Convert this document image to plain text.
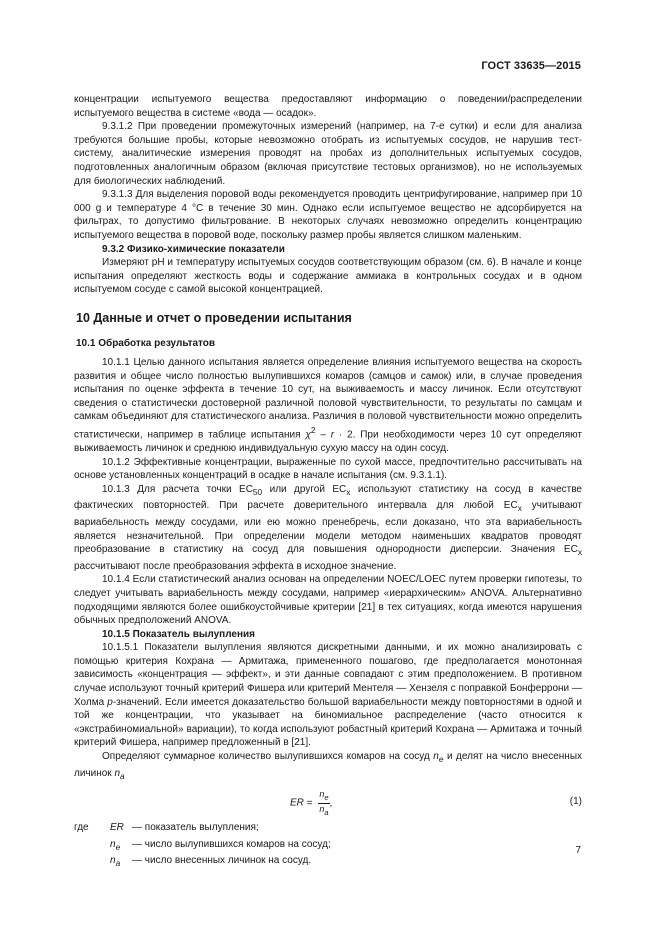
ГОСТ 33635—2015

концентрации испытуемого вещества предоставляют информацию о поведении/распределении испытуемого вещества в системе «вода — осадок».

9.3.1.2 При проведении промежуточных измерений (например, на 7-е сутки) и если для анализа требуются большие пробы, которые невозможно отобрать из испытуемых сосудов, не нарушив тест-систему, аналитические измерения проводят на пробах из дополнительных испытуемых сосудов, подготовленных аналогичным образом (включая присутствие тестовых организмов), но не используемых для биологических наблюдений.

9.3.1.3 Для выделения поровой воды рекомендуется проводить центрифугирование, например при 10 000 g и температуре 4 °С в течение 30 мин. Однако если испытуемое вещество не адсорбируется на фильтрах, то допустимо фильтрование. В некоторых случаях невозможно определить концентрацию испытуемого вещества в поровой воде, поскольку размер пробы является слишком маленьким.

9.3.2 Физико-химические показатели

Измеряют рН и температуру испытуемых сосудов соответствующим образом (см. 6). В начале и конце испытания определяют жесткость воды и содержание аммиака в контрольных сосудах и в одном испытуемом сосуде с самой высокой концентрацией.

10 Данные и отчет о проведении испытания
10.1 Обработка результатов

10.1.1 Целью данного испытания является определение влияния испытуемого вещества на скорость развития и общее число полностью вылупившихся комаров (самцов и самок) или, в случае проведения испытания по оценке эффекта в течение 10 сут, на выживаемость и массу личинок. Если отсутствуют сведения о статистически достоверной различной половой чувствительности, то результаты по самцам и самкам объединяют для статистического анализа. Различия в половой чувствительности можно определить статистически, например в таблице испытания $\chi^2 - r \cdot 2$. При необходимости через 10 сут определяют выживаемость личинок и среднюю индивидуальную сухую массу на один сосуд.

10.1.2 Эффективные концентрации, выраженные по сухой массе, предпочтительно рассчитывать на основе установленных концентраций в осадке в начале испытания (см. 9.3.1.1).

10.1.3 Для расчета точки $EC_{50}$ или другой $EC_x$ используют статистику на сосуд в качестве фактических повторностей. При расчете доверительного интервала для любой $EC_x$ учитывают вариабельность между сосудами, или ею можно пренебречь, если доказано, что эта вариабельность является незначительной. При определении модели методом наименьших квадратов проводят преобразование в статистику на сосуд для повышения однородности дисперсии. Значения $EC_x$ рассчитывают после преобразования эффекта в исходное значение.

10.1.4 Если статистический анализ основан на определении NOEC/LOEC путем проверки гипотезы, то следует учитывать вариабельность между сосудами, например «иерархическим» ANOVA. Альтернативно подходящими являются более ошибкоустойчивые критерии [21] в тех ситуациях, когда имеются нарушения обычных предположений ANOVA.

10.1.5 Показатель вылупления

10.1.5.1 Показатели вылупления являются дискретными данными, и их можно анализировать с помощью критерия Кохрана — Армитажа, примененного пошагово, где предполагается монотонная зависимость «концентрация — эффект», и эти данные совпадают с этим предположением. В противном случае используют точный критерий Фишера или критерий Ментеля — Хензеля с поправкой Бонферрони — Холма р-значений. Если имеется доказательство большой вариабельности между повторностями в одной и той же концентрации, что указывает на биномиальное распределение (часто относится к «экстрабиномиальной» вариации), то когда используют робастный критерий Кохрана — Армитажа и точный критерий Фишера, например предложенный в [21].

Определяют суммарное количество вылупившихся комаров на сосуд $n_e$ и делят на число внесенных личинок $n_a$

ER = $\frac{n_e}{n_a}$ ,	(1)
где	ER — показатель вылупления;
$n_e$	— число вылупившихся комаров на сосуд;
$n_a$	— число внесенных личинок на сосуд.
7
